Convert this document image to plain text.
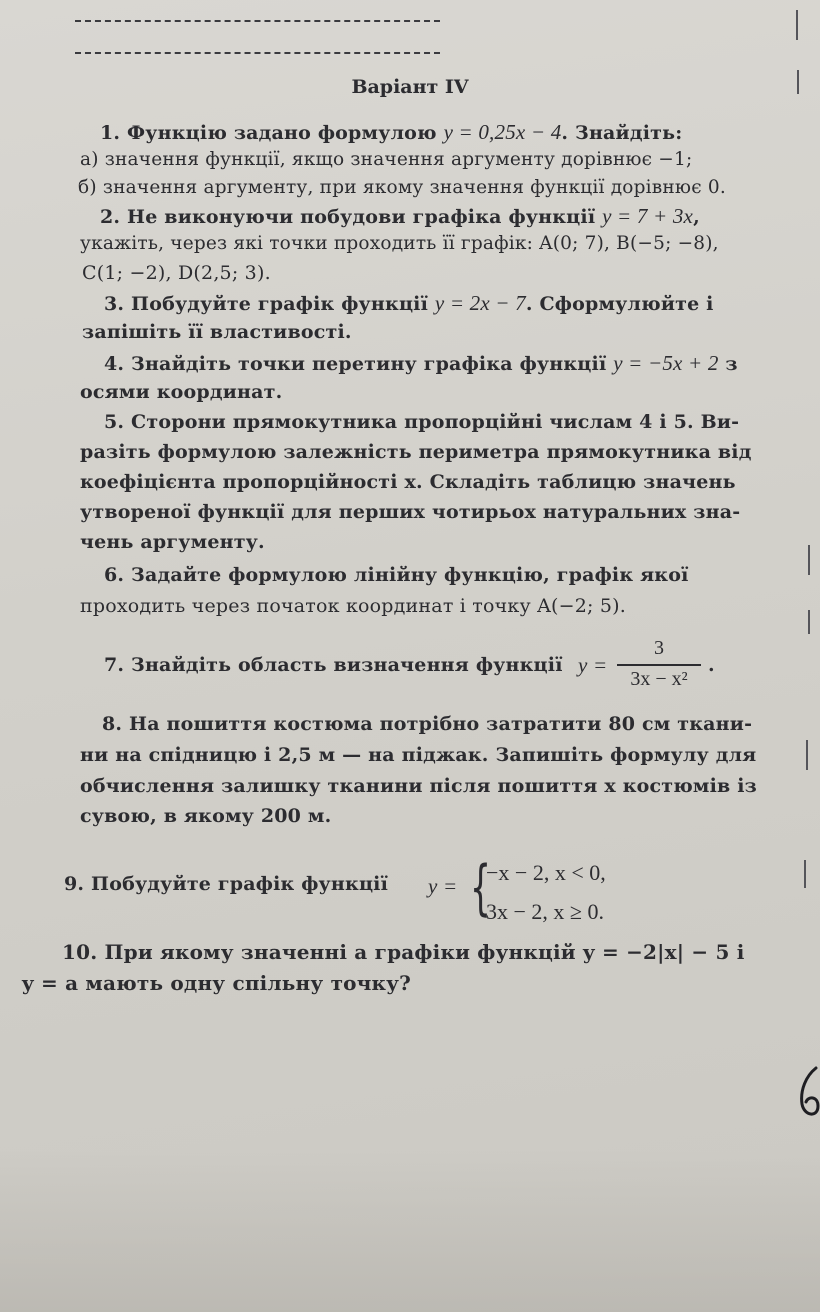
Варіант IV
1. Функцію задано формулою y = 0,25x − 4. Знайдіть:
а) значення функції, якщо значення аргументу дорівнює −1;
б) значення аргументу, при якому значення функції дорівнює 0.
2. Не виконуючи побудови графіка функції y = 7 + 3x,
укажіть, через які точки проходить її графік: A(0; 7), B(−5; −8),
C(1; −2), D(2,5; 3).
3. Побудуйте графік функції y = 2x − 7. Сформулюйте і
запішіть її властивості.
4. Знайдіть точки перетину графіка функції y = −5x + 2 з
осями координат.
5. Сторони прямокутника пропорційні числам 4 і 5. Ви-
разіть формулою залежність периметра прямокутника від
коефіцієнта пропорційності x. Складіть таблицю значень
утвореної функції для перших чотирьох натуральних зна-
чень аргументу.
6. Задайте формулою лінійну функцію, графік якої
проходить через початок координат і точку A(−2; 5).
7. Знайдіть область визначення функції y =
3
3x − x²
.
8. На пошиття костюма потрібно затратити 80 см ткани-
ни на спідницю і 2,5 м — на піджак. Запишіть формулу для
обчислення залишку тканини після пошиття x костюмів із
сувою, в якому 200 м.
9. Побудуйте графік функції y = {
−x − 2, x < 0,
3x − 2, x ≥ 0.
10. При якому значенні a графіки функцій y = −2|x| − 5 і
y = a мають одну спільну точку?
